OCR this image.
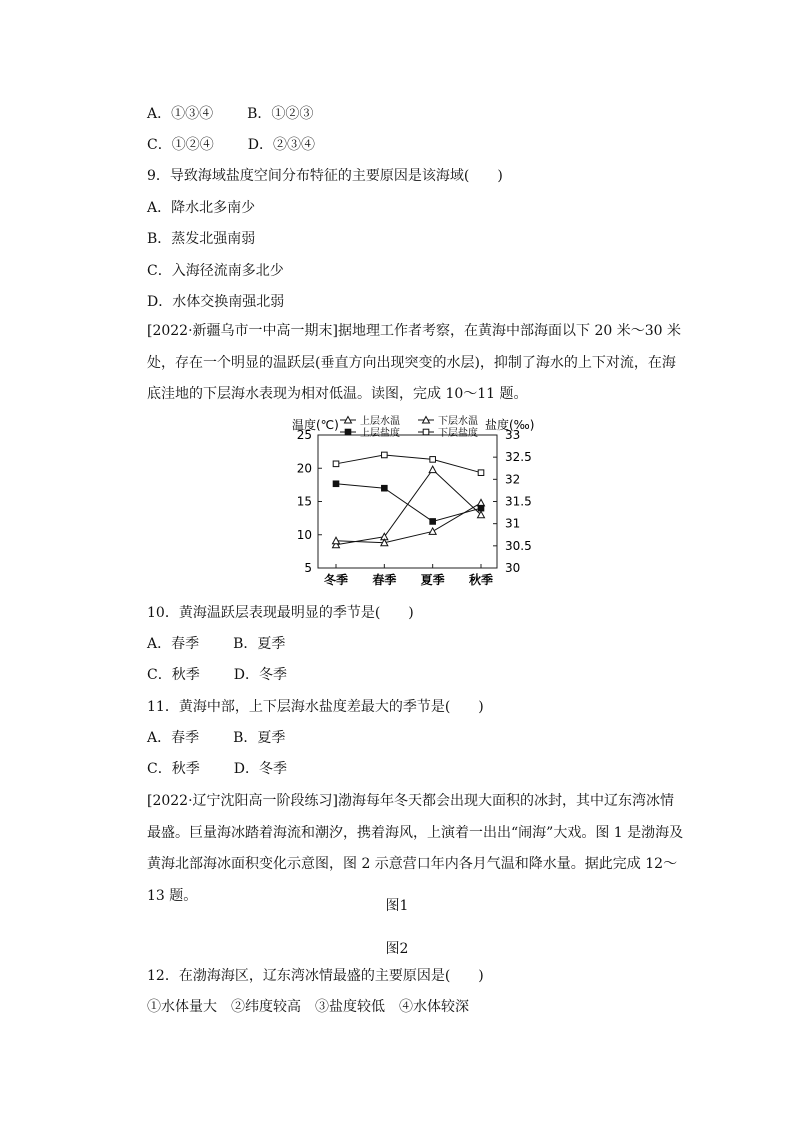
A．①③④ B．①②③
C．①②④ D．②③④
9．导致海域盐度空间分布特征的主要原因是该海域(　　)
A．降水北多南少
B．蒸发北强南弱
C．入海径流南多北少
D．水体交换南强北弱
[2022·新疆乌市一中高一期末]据地理工作者考察，在黄海中部海面以下 20 米～30 米处，存在一个明显的温跃层(垂直方向出现突变的水层)，抑制了海水的上下对流，在海底洼地的下层海水表现为相对低温。读图，完成 10～11 题。
5
10
15
20
25
30
30.5
31
31.5
32
32.5
33
温度(℃)	盐度(‰)
冬季 春季 夏季 秋季
上层水温	下层水温
上层盐度	下层盐度
10．黄海温跃层表现最明显的季节是(　　)
A．春季 B．夏季
C．秋季 D．冬季
11．黄海中部，上下层海水盐度差最大的季节是(　　)
A．春季 B．夏季
C．秋季 D．冬季
[2022·辽宁沈阳高一阶段练习]渤海每年冬天都会出现大面积的冰封，其中辽东湾冰情最盛。巨量海冰踏着海流和潮汐，携着海风，上演着一出出“闹海”大戏。图 1 是渤海及黄海北部海冰面积变化示意图，图 2 示意营口年内各月气温和降水量。据此完成 12～13 题。
图1
图2
12．在渤海海区，辽东湾冰情最盛的主要原因是(　　)
①水体量大　②纬度较高　③盐度较低　④水体较深
